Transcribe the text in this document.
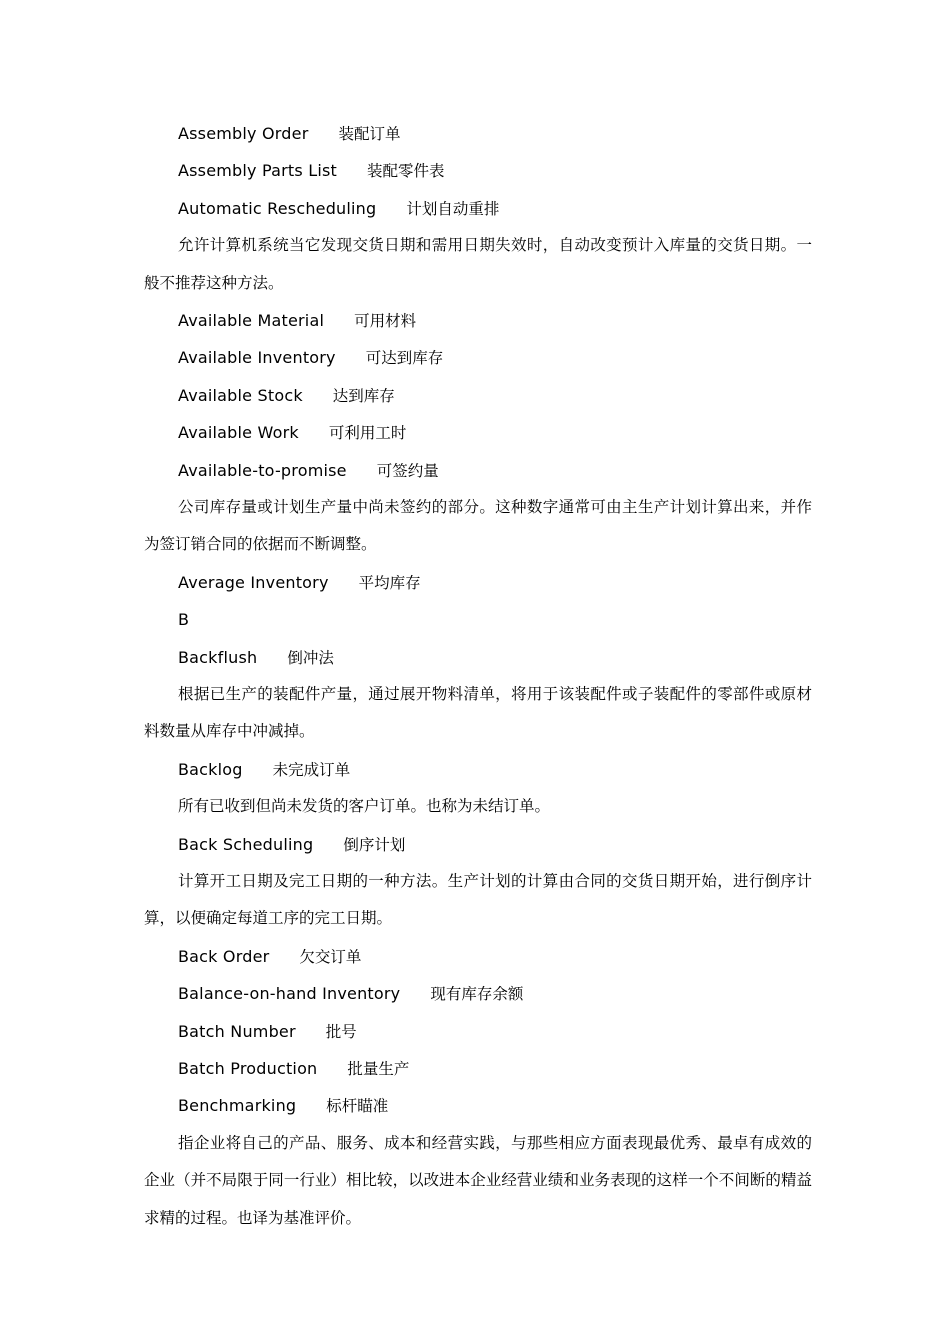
Assembly Order 装配订单
Assembly Parts List 装配零件表
Automatic Rescheduling 计划自动重排

允许计算机系统当它发现交货日期和需用日期失效时，自动改变预计入库量的交货日期。一般不推荐这种方法。

Available Material 可用材料
Available Inventory 可达到库存
Available Stock 达到库存
Available Work 可利用工时
Available-to-promise 可签约量

公司库存量或计划生产量中尚未签约的部分。这种数字通常可由主生产计划计算出来，并作为签订销合同的依据而不断调整。

Average Inventory 平均库存
B
Backflush 倒冲法

根据已生产的装配件产量，通过展开物料清单，将用于该装配件或子装配件的零部件或原材料数量从库存中冲减掉。

Backlog 未完成订单

所有已收到但尚未发货的客户订单。也称为未结订单。

Back Scheduling 倒序计划

计算开工日期及完工日期的一种方法。生产计划的计算由合同的交货日期开始，进行倒序计算，以便确定每道工序的完工日期。

Back Order 欠交订单
Balance-on-hand Inventory 现有库存余额
Batch Number 批号
Batch Production 批量生产
Benchmarking 标杆瞄准

指企业将自己的产品、服务、成本和经营实践，与那些相应方面表现最优秀、最卓有成效的企业（并不局限于同一行业）相比较，以改进本企业经营业绩和业务表现的这样一个不间断的精益求精的过程。也译为基准评价。
